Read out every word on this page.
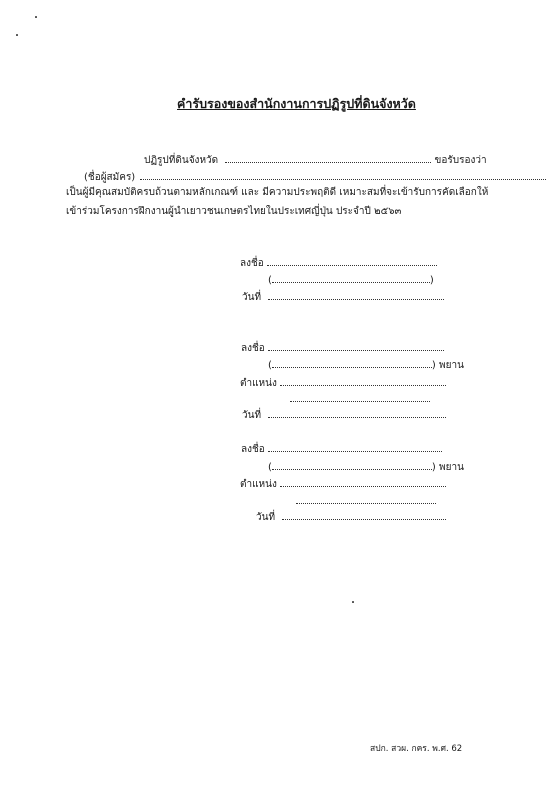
คำรับรองของสำนักงานการปฏิรูปที่ดินจังหวัด
ปฏิรูปที่ดินจังหวัด	ขอรับรองว่า
(ชื่อผู้สมัคร)
เป็นผู้มีคุณสมบัติครบถ้วนตามหลักเกณฑ์ และ มีความประพฤติดี เหมาะสมที่จะเข้ารับการคัดเลือกให้
เข้าร่วมโครงการฝึกงานผู้นำเยาวชนเกษตรไทยในประเทศญี่ปุ่น ประจำปี ๒๕๖๓
ลงชื่อ
(	)
วันที่
ลงชื่อ
(	) พยาน
ตำแหน่ง
วันที่
ลงชื่อ
(	) พยาน
ตำแหน่ง
วันที่
สปก. สวผ. กคร. พ.ศ. 62
